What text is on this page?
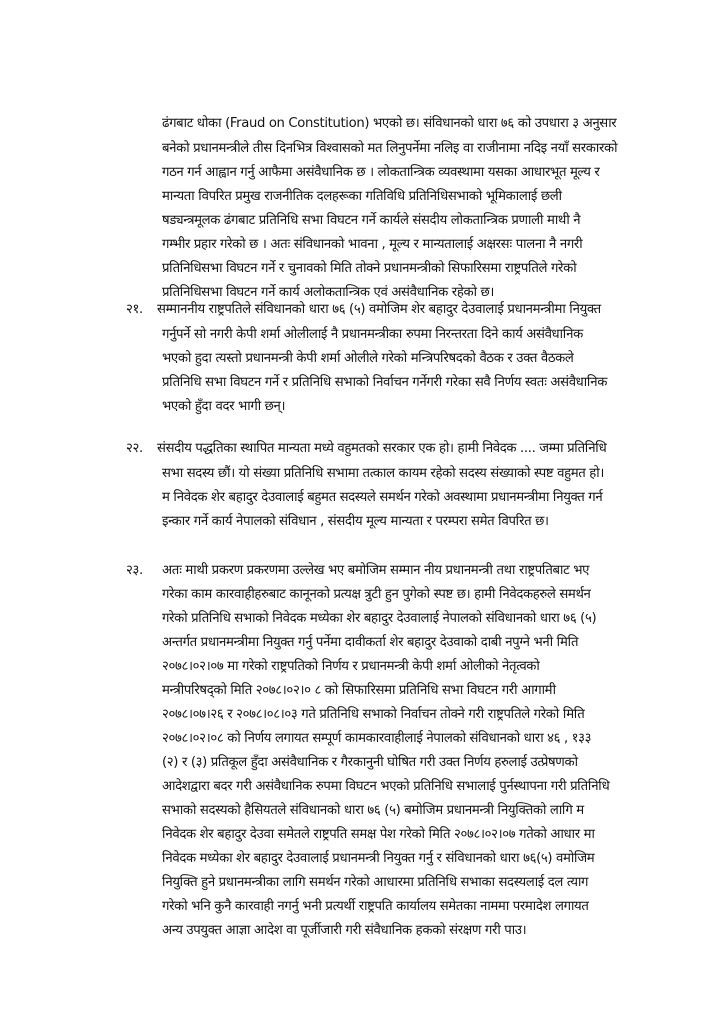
ढंगबाट धोका (Fraud on Constitution) भएको छ। संविधानको धारा ७६ को उपधारा ३ अनुसार
बनेको प्रधानमन्त्रीले तीस दिनभित्र विश्वासको मत लिनुपर्नेमा नलिइ वा राजीनामा नदिइ नयाँ सरकारको
गठन गर्न आह्वान गर्नु आफैमा असंवैधानिक छ । लोकतान्त्रिक व्यवस्थामा यसका आधारभूत मूल्य र
मान्यता विपरित प्रमुख राजनीतिक दलहरूका गतिविधि प्रतिनिधिसभाको भूमिकालाई छली
षड्यन्त्रमूलक ढंगबाट प्रतिनिधि सभा विघटन गर्ने कार्यले संसदीय लोकतान्त्रिक प्रणाली माथी नै
गम्भीर प्रहार गरेको छ । अतः संविधानको भावना , मूल्य र मान्यतालाई अक्षरसः पालना नै नगरी
प्रतिनिधिसभा विघटन गर्ने र चुनावको मिति तोक्ने प्रधानमन्त्रीको सिफारिसमा राष्ट्रपतिले गरेको
प्रतिनिधिसभा विघटन गर्ने कार्य अलोकतान्त्रिक एवं असंवैधानिक रहेको छ।
२१. सम्माननीय राष्ट्रपतिले संविधानको धारा ७६ (५) वमोजिम शेर बहादुर देउवालाई प्रधानमन्त्रीमा नियुक्त
गर्नुपर्ने सो नगरी केपी शर्मा ओलीलाई नै प्रधानमन्त्रीका रुपमा निरन्तरता दिने कार्य असंवैधानिक
भएको हुदा त्यस्तो प्रधानमन्त्री केपी शर्मा ओलीले गरेको मन्त्रिपरिषदको वैठक र उक्त वैठकले
प्रतिनिधि सभा विघटन गर्ने र प्रतिनिधि सभाको निर्वाचन गर्नेगरी गरेका सवै निर्णय स्वतः असंवैधानिक
भएको हुँदा वदर भागी छन्।
२२. संसदीय पद्धतिका स्थापित मान्यता मध्ये वहुमतको सरकार एक हो। हामी निवेदक .... जम्मा प्रतिनिधि
सभा सदस्य छौं। यो संख्या प्रतिनिधि सभामा तत्काल कायम रहेको सदस्य संख्याको स्पष्ट वहुमत हो।
म निवेदक शेर बहादुर देउवालाई बहुमत सदस्यले समर्थन गरेको अवस्थामा प्रधानमन्त्रीमा नियुक्त गर्न
इन्कार गर्ने कार्य नेपालको संविधान , संसदीय मूल्य मान्यता र परम्परा समेत विपरित छ।
२३. अतः माथी प्रकरण प्रकरणमा उल्लेख भए बमोजिम सम्मान नीय प्रधानमन्त्री तथा राष्ट्रपतिबाट भए
गरेका काम कारवाहीहरुबाट कानूनको प्रत्यक्ष त्रुटी हुन पुगेको स्पष्ट छ। हामी निवेदकहरुले समर्थन
गरेको प्रतिनिधि सभाको निवेदक मध्येका शेर बहादुर देउवालाई नेपालको संविधानको धारा ७६ (५)
अन्तर्गत प्रधानमन्त्रीमा नियुक्त गर्नु पर्नेमा दावीकर्ता शेर बहादुर देउवाको दाबी नपुग्ने भनी मिति
२०७८।०२।०७ मा गरेको राष्ट्रपतिको निर्णय र प्रधानमन्त्री केपी शर्मा ओलीको नेतृत्वको
मन्त्रीपरिषद्को मिति २०७८।०२।० ८ को सिफारिसमा प्रतिनिधि सभा विघटन गरी आगामी
२०७८।०७।२६ र २०७८।०८।०३ गते प्रतिनिधि सभाको निर्वाचन तोक्ने गरी राष्ट्रपतिले गरेको मिति
२०७८।०२।०८ को निर्णय लगायत सम्पूर्ण कामकारवाहीलाई नेपालको संविधानको धारा ४६ , १३३
(२) र (३) प्रतिकूल हुँदा असंवैधानिक र गैरकानुनी घोषित गरी उक्त निर्णय हरुलाई उत्प्रेषणको
आदेशद्वारा बदर गरी असंवैधानिक रुपमा विघटन भएको प्रतिनिधि सभालाई पुर्नस्थापना गरी प्रतिनिधि
सभाको सदस्यको हैसियतले संविधानको धारा ७६ (५) बमोजिम प्रधानमन्त्री नियुक्तिको लागि म
निवेदक शेर बहादुर देउवा समेतले राष्ट्रपति समक्ष पेश गरेको मिति २०७८।०२।०७ गतेको आधार मा
निवेदक मध्येका शेर बहादुर देउवालाई प्रधानमन्त्री नियुक्त गर्नु र संविधानको धारा ७६(५) वमोजिम
नियुक्ति हुने प्रधानमन्त्रीका लागि समर्थन गरेको आधारमा प्रतिनिधि सभाका सदस्यलाई दल त्याग
गरेको भनि कुनै कारवाही नगर्नु भनी प्रत्यर्थी राष्ट्रपति कार्यालय समेतका नाममा परमादेश लगायत
अन्य उपयुक्त आज्ञा आदेश वा पूर्जीजारी गरी संवैधानिक हकको संरक्षण गरी पाउ।
